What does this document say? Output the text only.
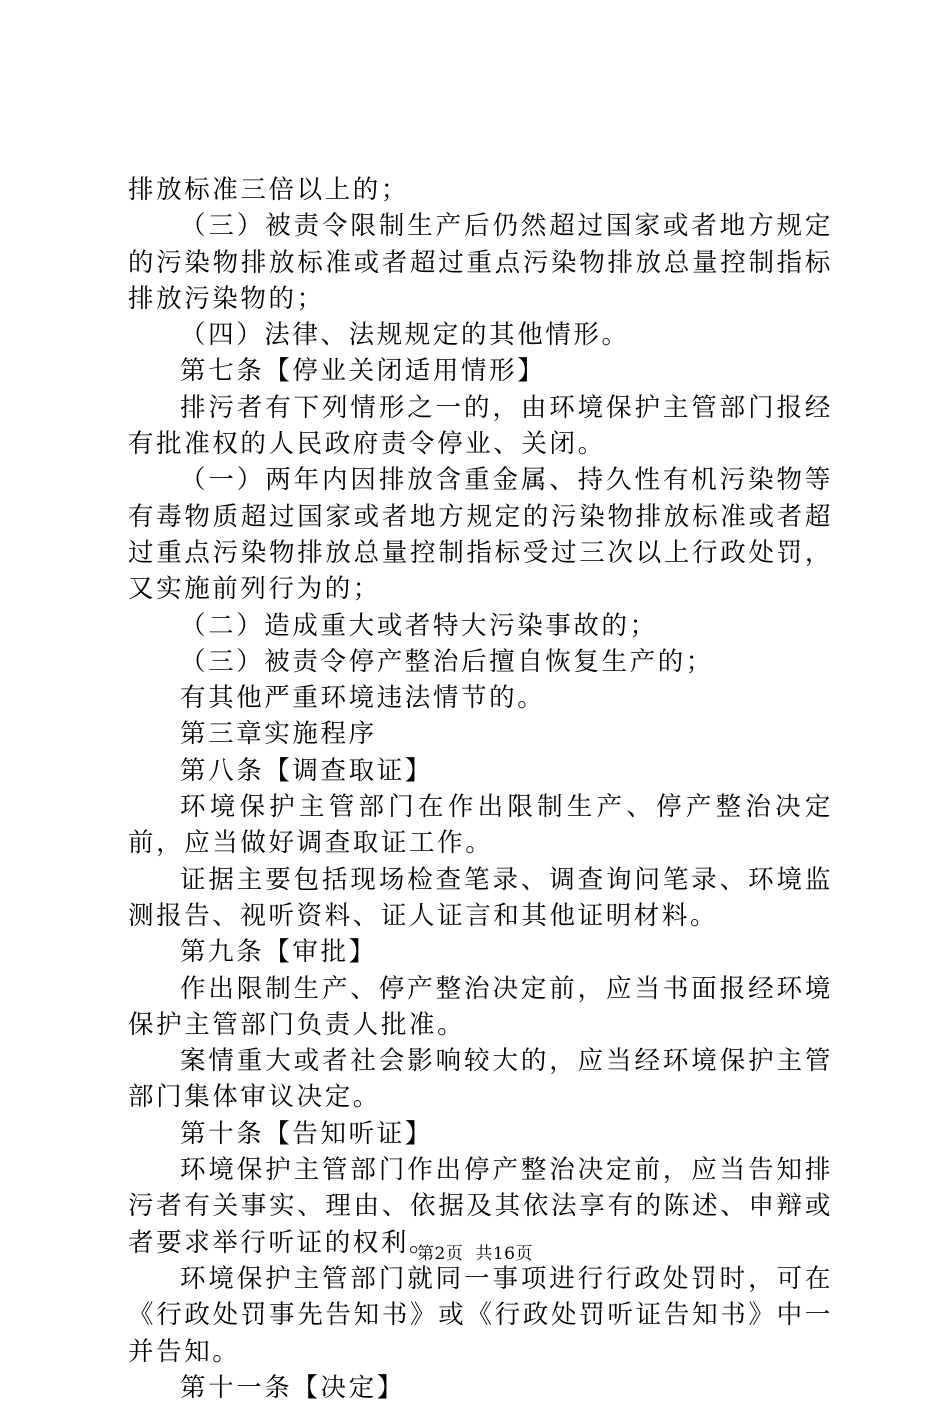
排放标准三倍以上的；

（三）被责令限制生产后仍然超过国家或者地方规定的污染物排放标准或者超过重点污染物排放总量控制指标排放污染物的；

（四）法律、法规规定的其他情形。

第七条【停业关闭适用情形】

排污者有下列情形之一的，由环境保护主管部门报经有批准权的人民政府责令停业、关闭。

（一）两年内因排放含重金属、持久性有机污染物等有毒物质超过国家或者地方规定的污染物排放标准或者超过重点污染物排放总量控制指标受过三次以上行政处罚，又实施前列行为的；

（二）造成重大或者特大污染事故的；

（三）被责令停产整治后擅自恢复生产的；

有其他严重环境违法情节的。

第三章实施程序

第八条【调查取证】

环境保护主管部门在作出限制生产、停产整治决定前，应当做好调查取证工作。

证据主要包括现场检查笔录、调查询问笔录、环境监测报告、视听资料、证人证言和其他证明材料。

第九条【审批】

作出限制生产、停产整治决定前，应当书面报经环境保护主管部门负责人批准。

案情重大或者社会影响较大的，应当经环境保护主管部门集体审议决定。

第十条【告知听证】

环境保护主管部门作出停产整治决定前，应当告知排污者有关事实、理由、依据及其依法享有的陈述、申辩或者要求举行听证的权利。

环境保护主管部门就同一事项进行行政处罚时，可在《行政处罚事先告知书》或《行政处罚听证告知书》中一并告知。

第十一条【决定】

第2页 共16页
